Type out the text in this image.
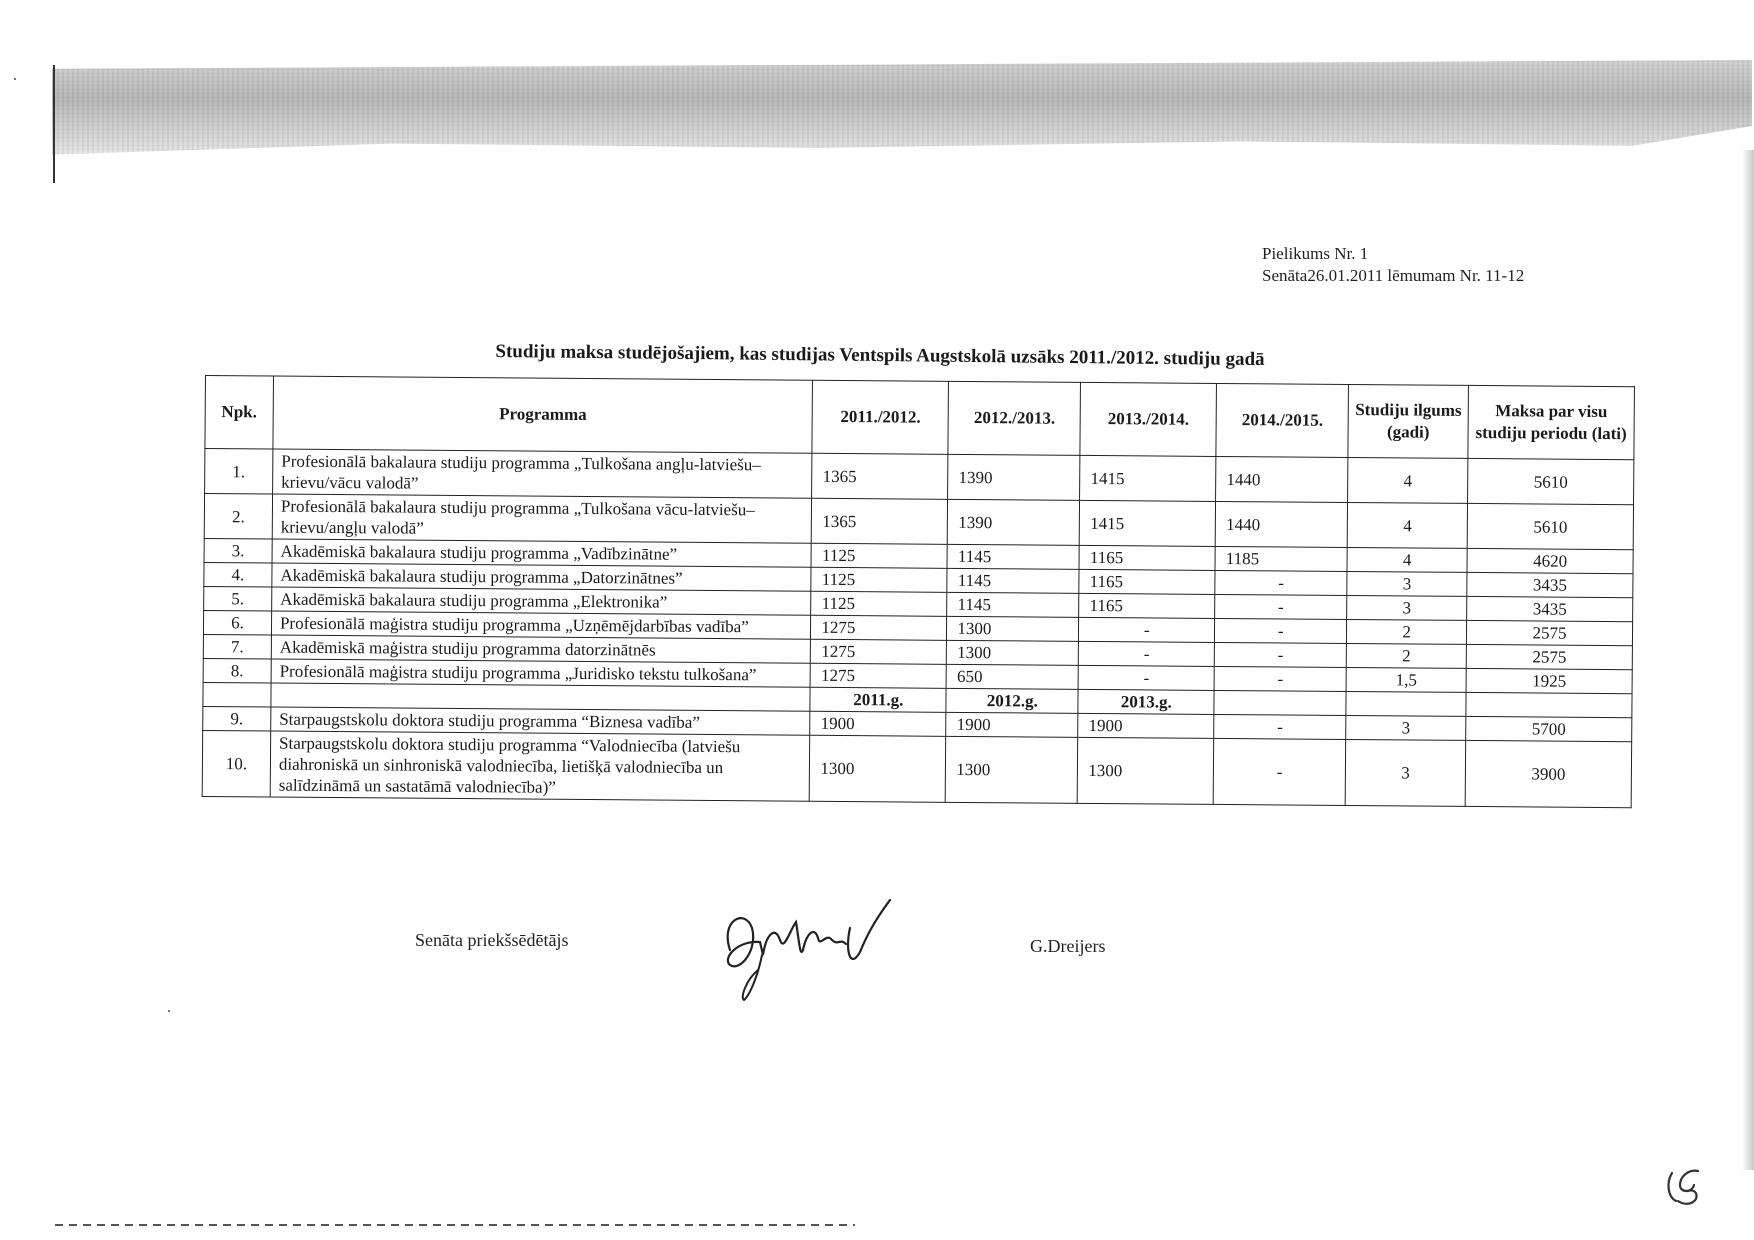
Pielikums Nr. 1
Senāta26.01.2011 lēmumam Nr. 11-12
Studiju maksa studējošajiem, kas studijas Ventspils Augstskolā uzsāks 2011./2012. studiju gadā
Npk.	Programma	2011./2012.	2012./2013.	2013./2014.	2014./2015.	Studiju ilgums (gadi)	Maksa par visu studiju periodu (lati)
1.	Profesionālā bakalaura studiju programma „Tulkošana angļu-latviešu–krievu/vācu valodā”	1365	1390	1415	1440	4	5610
2.	Profesionālā bakalaura studiju programma „Tulkošana vācu-latviešu–krievu/angļu valodā”	1365	1390	1415	1440	4	5610
3.	Akadēmiskā bakalaura studiju programma „Vadībzinātne”	1125	1145	1165	1185	4	4620
4.	Akadēmiskā bakalaura studiju programma „Datorzinātnes”	1125	1145	1165	-	3	3435
5.	Akadēmiskā bakalaura studiju programma „Elektronika”	1125	1145	1165	-	3	3435
6.	Profesionālā maģistra studiju programma „Uzņēmējdarbības vadība”	1275	1300	-	-	2	2575
7.	Akadēmiskā maģistra studiju programma datorzinātnēs	1275	1300	-	-	2	2575
8.	Profesionālā maģistra studiju programma „Juridisko tekstu tulkošana”	1275	650	-	-	1,5	1925
		2011.g.	2012.g.	2013.g.			
9.	Starpaugstskolu doktora studiju programma “Biznesa vadība”	1900	1900	1900	-	3	5700
10.	Starpaugstskolu doktora studiju programma “Valodniecība (latviešu diahroniskā un sinhroniskā valodniecība, lietišķā valodniecība un salīdzināmā un sastatāmā valodniecība)”	1300	1300	1300	-	3	3900
Senāta priekšsēdētājs	G.Dreijers
